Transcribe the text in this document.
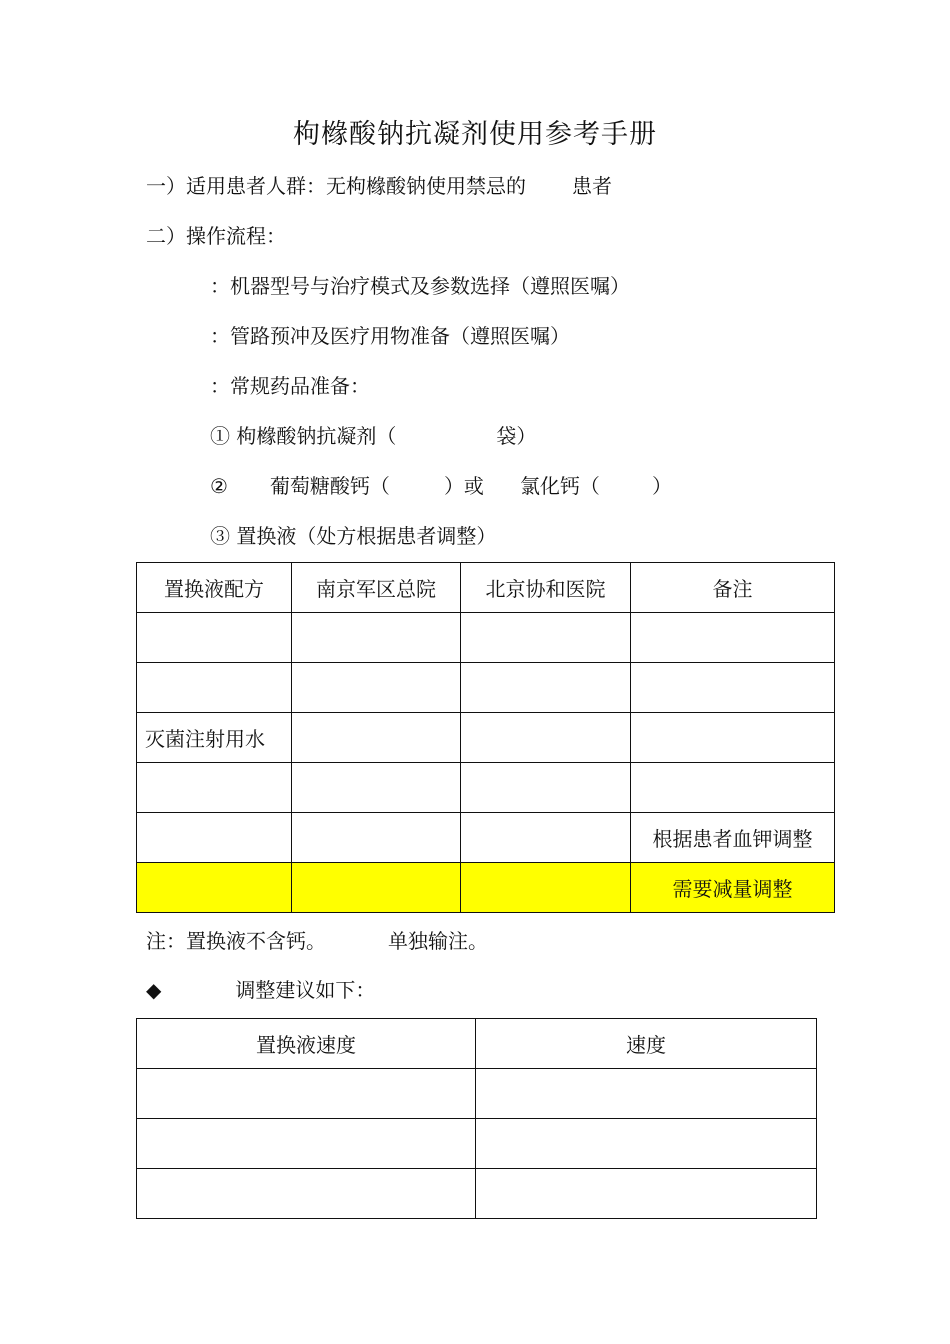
枸橼酸钠抗凝剂使用参考手册
一）适用患者人群：无枸橼酸钠使用禁忌的 患者
二）操作流程：
：机器型号与治疗模式及参数选择（遵照医嘱）
：管路预冲及医疗用物准备（遵照医嘱）
：常规药品准备：
① 枸橼酸钠抗凝剂（	袋）
② 葡萄糖酸钙（	）或 氯化钙（	）
③ 置换液（处方根据患者调整）
置换液配方	南京军区总院	北京协和医院	备注

灭菌注射用水			

			根据患者血钾调整
			需要减量调整
注：置换液不含钙。	单独输注。
◆	调整建议如下：
置换液速度	速度
